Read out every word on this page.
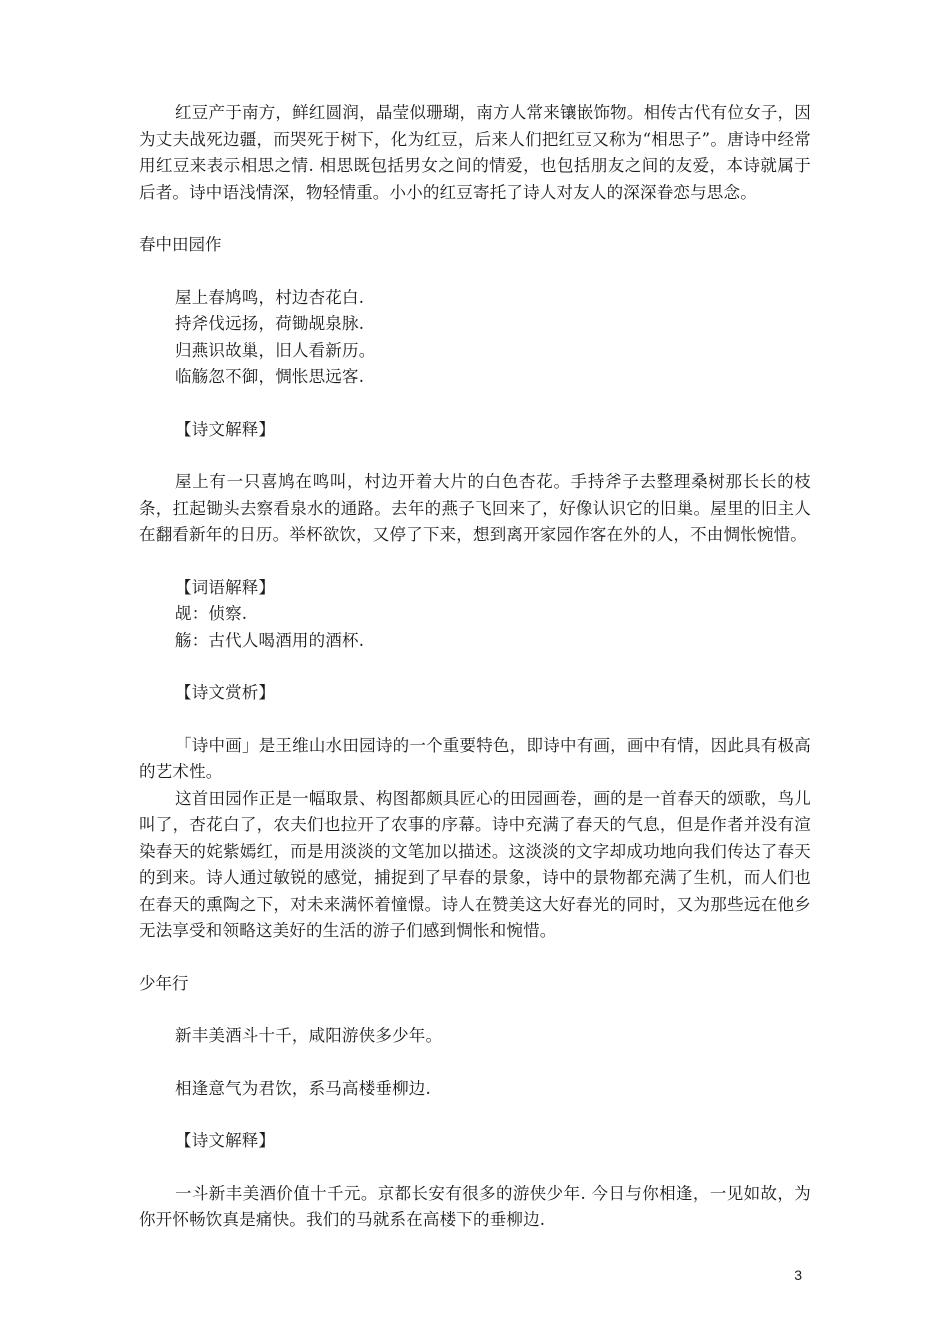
红豆产于南方，鲜红圆润，晶莹似珊瑚，南方人常来镶嵌饰物。相传古代有位女子，因为丈夫战死边疆，而哭死于树下，化为红豆，后来人们把红豆又称为“相思子”。唐诗中经常用红豆来表示相思之情. 相思既包括男女之间的情爱，也包括朋友之间的友爱，本诗就属于后者。诗中语浅情深，物轻情重。小小的红豆寄托了诗人对友人的深深眷恋与思念。

春中田园作

屋上春鸠鸣，村边杏花白.

持斧伐远扬，荷锄觇泉脉.

归燕识故巢，旧人看新历。

临觞忽不御，惆怅思远客.

【诗文解释】

屋上有一只喜鸠在鸣叫，村边开着大片的白色杏花。手持斧子去整理桑树那长长的枝条，扛起锄头去察看泉水的通路。去年的燕子飞回来了，好像认识它的旧巢。屋里的旧主人在翻看新年的日历。举杯欲饮，又停了下来，想到离开家园作客在外的人，不由惆怅惋惜。

【词语解释】

觇：侦察.

觞：古代人喝酒用的酒杯.

【诗文赏析】

「诗中画」是王维山水田园诗的一个重要特色，即诗中有画，画中有情，因此具有极高的艺术性。

这首田园作正是一幅取景、构图都颇具匠心的田园画卷，画的是一首春天的颂歌，鸟儿叫了，杏花白了，农夫们也拉开了农事的序幕。诗中充满了春天的气息，但是作者并没有渲染春天的姹紫嫣红，而是用淡淡的文笔加以描述。这淡淡的文字却成功地向我们传达了春天的到来。诗人通过敏锐的感觉，捕捉到了早春的景象，诗中的景物都充满了生机，而人们也在春天的熏陶之下，对未来满怀着憧憬。诗人在赞美这大好春光的同时，又为那些远在他乡无法享受和领略这美好的生活的游子们感到惆怅和惋惜。

少年行

新丰美酒斗十千，咸阳游侠多少年。

相逢意气为君饮，系马高楼垂柳边.

【诗文解释】

一斗新丰美酒价值十千元。京都长安有很多的游侠少年. 今日与你相逢，一见如故，为你开怀畅饮真是痛快。我们的马就系在高楼下的垂柳边.

3
